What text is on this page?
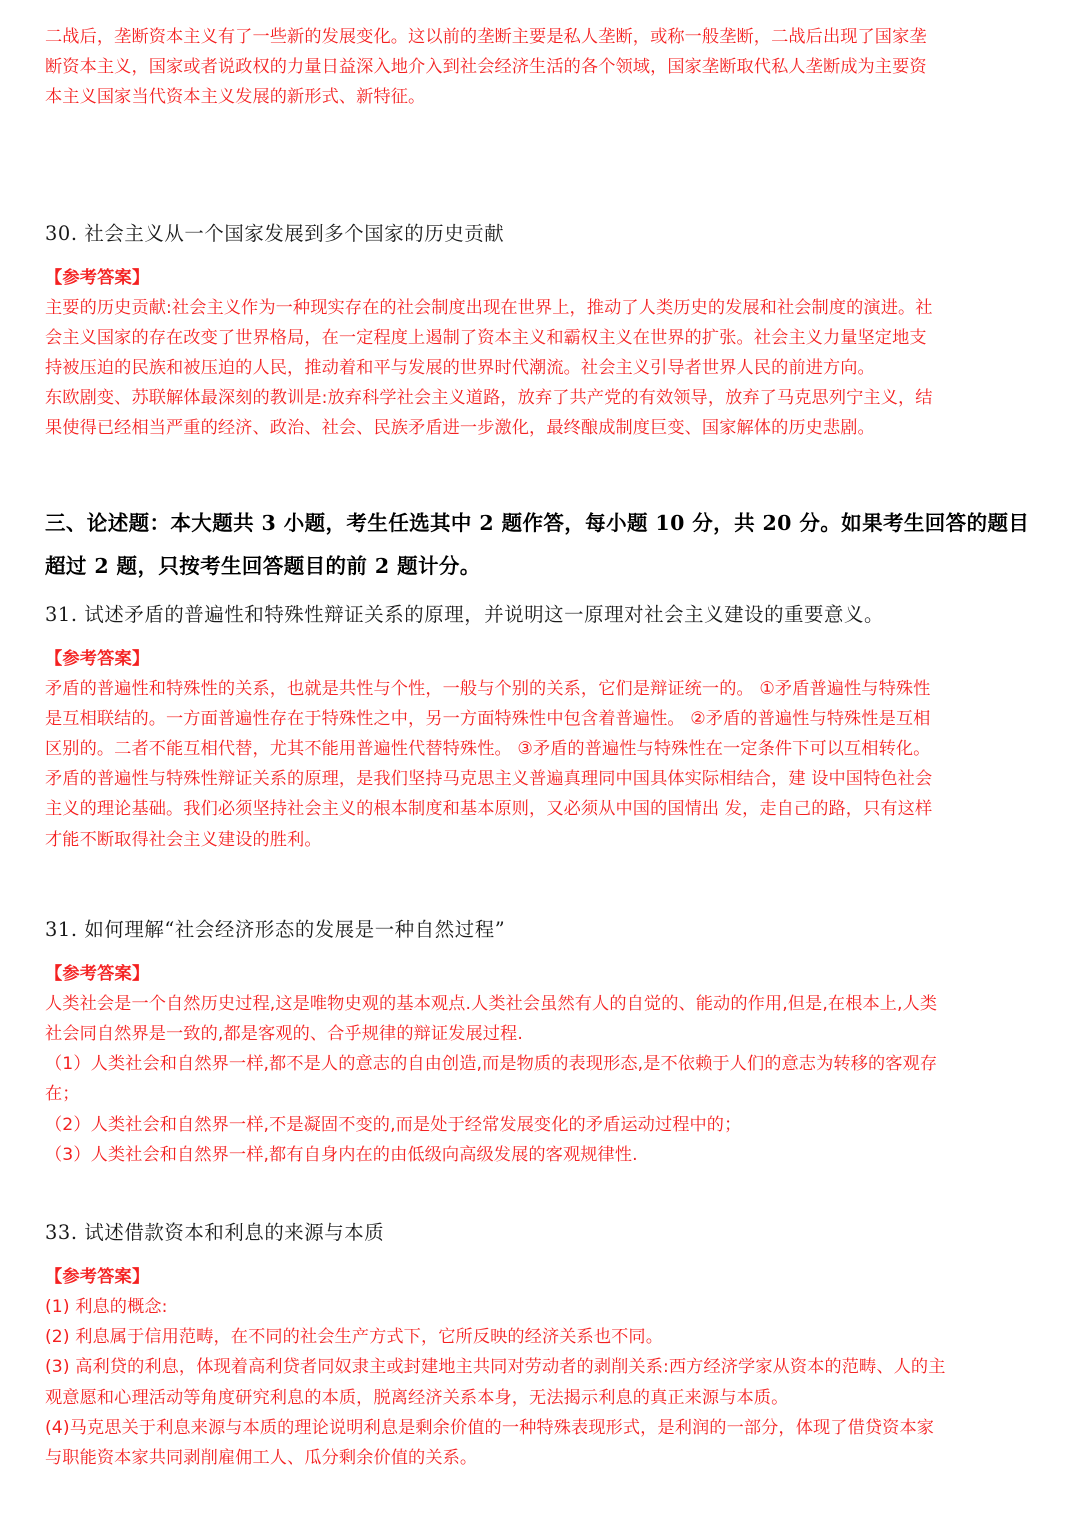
二战后，垄断资本主义有了一些新的发展变化。这以前的垄断主要是私人垄断，或称一般垄断，二战后出现了国家垄
断资本主义，国家或者说政权的力量日益深入地介入到社会经济生活的各个领域，国家垄断取代私人垄断成为主要资
本主义国家当代资本主义发展的新形式、新特征。
30. 社会主义从一个国家发展到多个国家的历史贡献
【参考答案】
主要的历史贡献:社会主义作为一种现实存在的社会制度出现在世界上，推动了人类历史的发展和社会制度的演进。社
会主义国家的存在改变了世界格局，在一定程度上遏制了资本主义和霸权主义在世界的扩张。社会主义力量坚定地支
持被压迫的民族和被压迫的人民，推动着和平与发展的世界时代潮流。社会主义引导者世界人民的前进方向。
东欧剧变、苏联解体最深刻的教训是:放弃科学社会主义道路，放弃了共产党的有效领导，放弃了马克思列宁主义，结
果使得已经相当严重的经济、政治、社会、民族矛盾进一步激化，最终酿成制度巨变、国家解体的历史悲剧。
三、论述题：本大题共 3 小题，考生任选其中 2 题作答，每小题 10 分，共 20 分。如果考生回答的题目
超过 2 题，只按考生回答题目的前 2 题计分。
31. 试述矛盾的普遍性和特殊性辩证关系的原理，并说明这一原理对社会主义建设的重要意义。
【参考答案】
矛盾的普遍性和特殊性的关系，也就是共性与个性，一般与个别的关系，它们是辩证统一的。 ①矛盾普遍性与特殊性
是互相联结的。一方面普遍性存在于特殊性之中，另一方面特殊性中包含着普遍性。 ②矛盾的普遍性与特殊性是互相
区别的。二者不能互相代替，尤其不能用普遍性代替特殊性。 ③矛盾的普遍性与特殊性在一定条件下可以互相转化。
矛盾的普遍性与特殊性辩证关系的原理，是我们坚持马克思主义普遍真理同中国具体实际相结合，建 设中国特色社会
主义的理论基础。我们必须坚持社会主义的根本制度和基本原则，又必须从中国的国情出 发，走自己的路，只有这样
才能不断取得社会主义建设的胜利。
31. 如何理解“社会经济形态的发展是一种自然过程”
【参考答案】
人类社会是一个自然历史过程,这是唯物史观的基本观点.人类社会虽然有人的自觉的、能动的作用,但是,在根本上,人类
社会同自然界是一致的,都是客观的、合乎规律的辩证发展过程.
（1）人类社会和自然界一样,都不是人的意志的自由创造,而是物质的表现形态,是不依赖于人们的意志为转移的客观存
在；
（2）人类社会和自然界一样,不是凝固不变的,而是处于经常发展变化的矛盾运动过程中的；
（3）人类社会和自然界一样,都有自身内在的由低级向高级发展的客观规律性.
33. 试述借款资本和利息的来源与本质
【参考答案】
(1) 利息的概念:
(2) 利息属于信用范畴，在不同的社会生产方式下，它所反映的经济关系也不同。
(3) 高利贷的利息，体现着高利贷者同奴隶主或封建地主共同对劳动者的剥削关系:西方经济学家从资本的范畴、人的主
观意愿和心理活动等角度研究利息的本质，脱离经济关系本身，无法揭示利息的真正来源与本质。
(4)马克思关于利息来源与本质的理论说明利息是剩余价值的一种特殊表现形式，是利润的一部分，体现了借贷资本家
与职能资本家共同剥削雇佣工人、瓜分剩余价值的关系。
